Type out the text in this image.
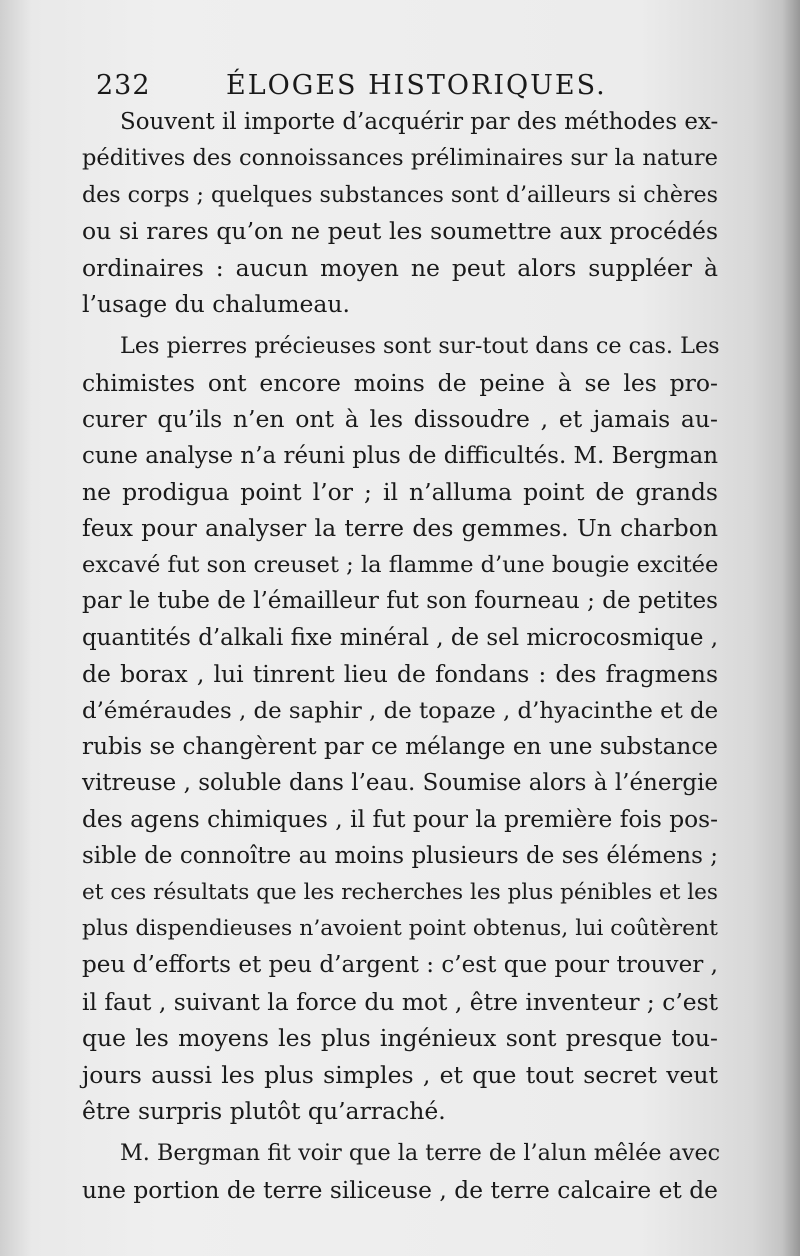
232	ÉLOGES HISTORIQUES.
Souvent il importe d’acquérir par des méthodes ex-
péditives des connoissances préliminaires sur la nature
des corps ; quelques substances sont d’ailleurs si chères
ou si rares qu’on ne peut les soumettre aux procédés
ordinaires : aucun moyen ne peut alors suppléer à
l’usage du chalumeau.
Les pierres précieuses sont sur-tout dans ce cas. Les
chimistes ont encore moins de peine à se les pro-
curer qu’ils n’en ont à les dissoudre , et jamais au-
cune analyse n’a réuni plus de difficultés. M. Bergman
ne prodigua point l’or ; il n’alluma point de grands
feux pour analyser la terre des gemmes. Un charbon
excavé fut son creuset ; la flamme d’une bougie excitée
par le tube de l’émailleur fut son fourneau ; de petites
quantités d’alkali fixe minéral , de sel microcosmique ,
de borax , lui tinrent lieu de fondans : des fragmens
d’éméraudes , de saphir , de topaze , d’hyacinthe et de
rubis se changèrent par ce mélange en une substance
vitreuse , soluble dans l’eau. Soumise alors à l’énergie
des agens chimiques , il fut pour la première fois pos-
sible de connoître au moins plusieurs de ses élémens ;
et ces résultats que les recherches les plus pénibles et les
plus dispendieuses n’avoient point obtenus, lui coûtèrent
peu d’efforts et peu d’argent : c’est que pour trouver ,
il faut , suivant la force du mot , être inventeur ; c’est
que les moyens les plus ingénieux sont presque tou-
jours aussi les plus simples , et que tout secret veut
être surpris plutôt qu’arraché.
M. Bergman fit voir que la terre de l’alun mêlée avec
une portion de terre siliceuse , de terre calcaire et de
